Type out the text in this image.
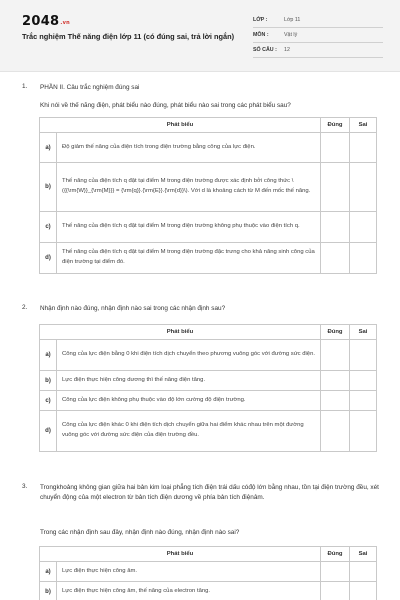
2048.vn
Trắc nghiệm Thế năng điện lớp 11 (có đúng sai, trả lời ngắn)
LỚP :	Lớp 11
MÔN :	Vật lý
SỐ CÂU : 12
1. PHẦN II. Câu trắc nghiệm đúng sai
Khi nói về thế năng điện, phát biểu nào đúng, phát biểu nào sai trong các phát biểu sau?
Phát biểu		Đúng	Sai
a)	Độ giảm thế năng của điện tích trong điện trường bằng công của lực điện.		
b)	Thế năng của điện tích q đặt tại điểm M trong điện trường được xác định bởi công thức \({{\rm{W}}_{\rm{M}}} = {\rm{q}}.{\rm{E}}.{\rm{d}}\). Với d là khoảng cách từ M đến mốc thế năng.		
c)	Thế năng của điện tích q đặt tại điểm M trong điện trường không phụ thuộc vào điện tích q.		
d)	Thế năng của điện tích q đặt tại điểm M trong điện trường đặc trưng cho khả năng sinh công của điện trường tại điểm đó.		
2. Nhận định nào đúng, nhận định nào sai trong các nhận định sau?
Phát biểu		Đúng	Sai
a)	Công của lực điện bằng 0 khi điện tích dịch chuyển theo phương vuông góc với đường sức điện.		
b)	Lực điện thực hiện công dương thì thế năng điện tăng.		
c)	Công của lực điện không phụ thuộc vào độ lớn cường độ điện trường.		
d)	Công của lực điện khác 0 khi điện tích dịch chuyển giữa hai điểm khác nhau trên một đường vuông góc với đường sức điện của điện trường đều.		
3. Trongkhoảng không gian giữa hai bản kim loại phẳng tích điện trái dấu cóđộ lớn bằng nhau, tồn tại điện trường đều, xét chuyển động của một electron từ bản tích điện dương về phía bản tích điệnâm.
Trong các nhận định sau đây, nhận định nào đúng, nhận định nào sai?
Phát biểu		Đúng	Sai
a)	Lực điện thực hiện công âm.		
b)	Lực điện thực hiện công âm, thế năng của electron tăng.		
